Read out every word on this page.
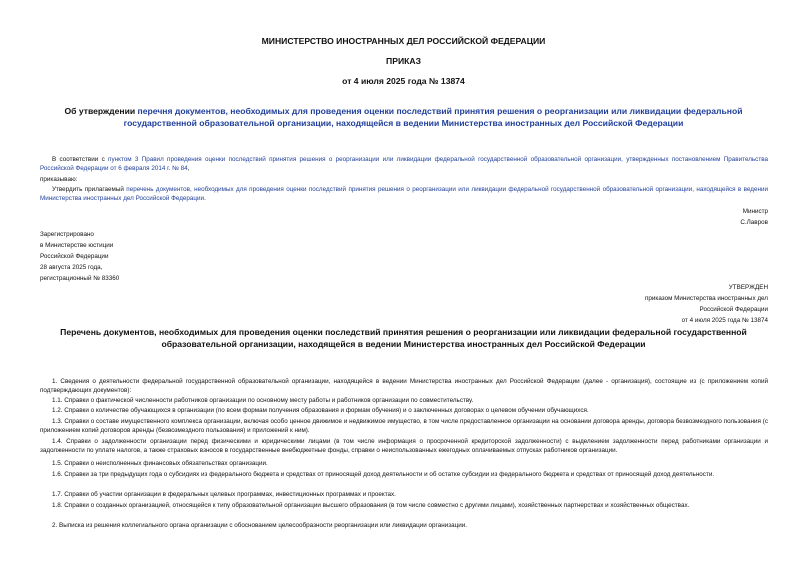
МИНИСТЕРСТВО ИНОСТРАННЫХ ДЕЛ РОССИЙСКОЙ ФЕДЕРАЦИИ
ПРИКАЗ
от 4 июля 2025 года № 13874
Об утверждении перечня документов, необходимых для проведения оценки последствий принятия решения о реорганизации или ликвидации федеральной государственной образовательной организации, находящейся в ведении Министерства иностранных дел Российской Федерации
В соответствии с пунктом 3 Правил проведения оценки последствий принятия решения о реорганизации или ликвидации федеральной государственной образовательной организации, утвержденных постановлением Правительства Российской Федерации от 6 февраля 2014 г. № 84,
приказываю:
Утвердить прилагаемый перечень документов, необходимых для проведения оценки последствий принятия решения о реорганизации или ликвидации федеральной государственной образовательной организации, находящейся в ведении Министерства иностранных дел Российской Федерации.
Министр
С.Лавров
Зарегистрировано
в Министерстве юстиции
Российской Федерации
28 августа 2025 года,
регистрационный № 83360
УТВЕРЖДЕН
приказом Министерства иностранных дел
Российской Федерации
от 4 июля 2025 года № 13874
Перечень документов, необходимых для проведения оценки последствий принятия решения о реорганизации или ликвидации федеральной государственной образовательной организации, находящейся в ведении Министерства иностранных дел Российской Федерации
1. Сведения о деятельности федеральной государственной образовательной организации, находящейся в ведении Министерства иностранных дел Российской Федерации (далее - организация), состоящие из (с приложением копий подтверждающих документов):
1.1. Справки о фактической численности работников организации по основному месту работы и работников организации по совместительству.
1.2. Справки о количестве обучающихся в организации (по всем формам получения образования и формам обучения) и о заключенных договорах о целевом обучении обучающихся.
1.3. Справки о составе имущественного комплекса организации, включая особо ценное движимое и недвижимое имущество, в том числе предоставленное организации на основании договора аренды, договора безвозмездного пользования (с приложением копий договоров аренды (безвозмездного пользования) и приложений к ним).
1.4. Справки о задолженности организации перед физическими и юридическими лицами (в том числе информация о просроченной кредиторской задолженности) с выделением задолженности перед работниками организации и задолженности по уплате налогов, а также страховых взносов в государственные внебюджетные фонды, справки о неиспользованных ежегодных оплачиваемых отпусках работников организации.
1.5. Справки о неисполненных финансовых обязательствах организации.
1.6. Справки за три предыдущих года о субсидиях из федерального бюджета и средствах от приносящей доход деятельности и об остатке субсидии из федерального бюджета и средствах от приносящей доход деятельности.
1.7. Справки об участии организации в федеральных целевых программах, инвестиционных программах и проектах.
1.8. Справки о созданных организацией, относящейся к типу образовательной организации высшего образования (в том числе совместно с другими лицами), хозяйственных партнерствах и хозяйственных обществах.
2. Выписка из решения коллегиального органа организации с обоснованием целесообразности реорганизации или ликвидации организации.
